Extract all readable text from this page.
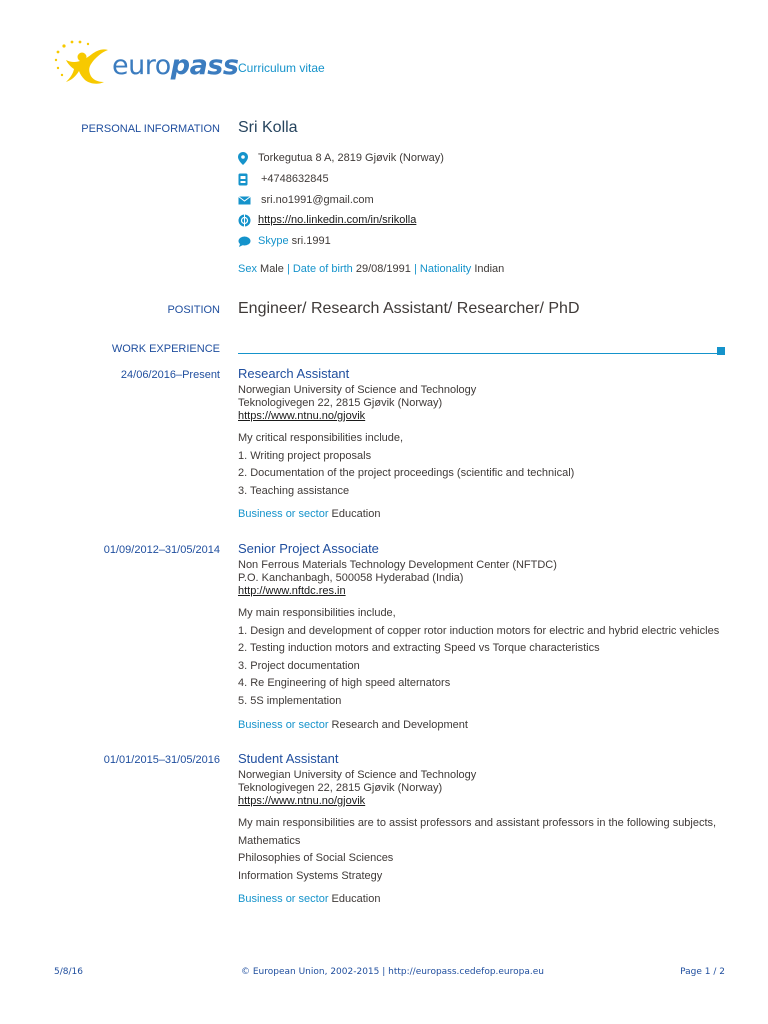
europass Curriculum vitae
PERSONAL INFORMATION Sri Kolla
Torkegutua 8 A, 2819 Gjøvik (Norway)
+4748632845
sri.no1991@gmail.com
https://no.linkedin.com/in/srikolla
Skype
sri.1991
Sex Male | Date of birth 29/08/1991 | Nationality Indian
POSITION Engineer/ Research Assistant/ Researcher/ PhD
WORK EXPERIENCE
24/06/2016–Present Research Assistant
Norwegian University of Science and Technology
Teknologivegen 22, 2815 Gjøvik (Norway)
https://www.ntnu.no/gjovik
My critical responsibilities include,
1. Writing project proposals
2. Documentation of the project proceedings (scientific and technical)
3. Teaching assistance
Business or sector Education
01/09/2012–31/05/2014 Senior Project Associate
Non Ferrous Materials Technology Development Center (NFTDC)
P.O. Kanchanbagh, 500058 Hyderabad (India)
http://www.nftdc.res.in
My main responsibilities include,
1. Design and development of copper rotor induction motors for electric and hybrid electric vehicles
2. Testing induction motors and extracting Speed vs Torque characteristics
3. Project documentation
4. Re Engineering of high speed alternators
5. 5S implementation
Business or sector Research and Development
01/01/2015–31/05/2016 Student Assistant
Norwegian University of Science and Technology
Teknologivegen 22, 2815 Gjøvik (Norway)
https://www.ntnu.no/gjovik
My main responsibilities are to assist professors and assistant professors in the following subjects,
Mathematics
Philosophies of Social Sciences
Information Systems Strategy
Business or sector Education
5/8/16	© European Union, 2002-2015 | http://europass.cedefop.europa.eu	Page 1 / 2
